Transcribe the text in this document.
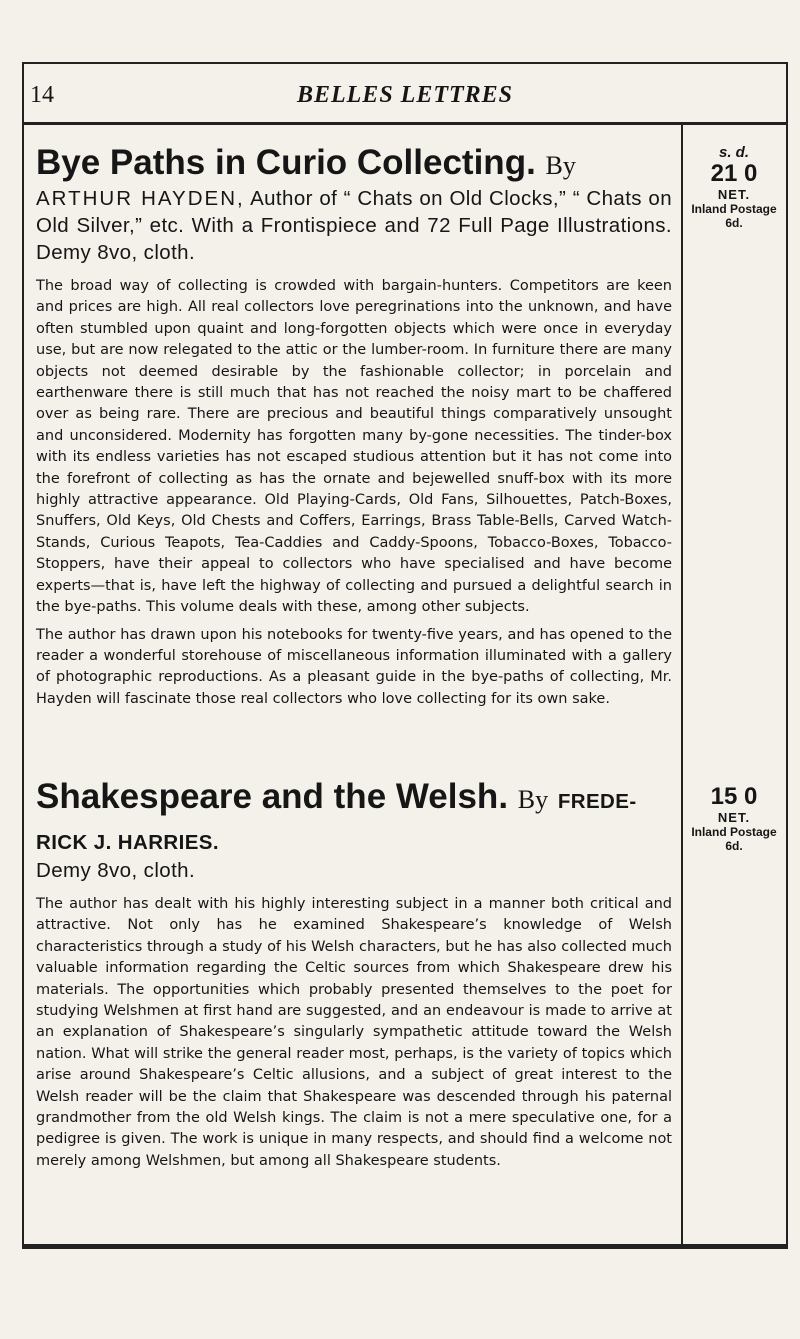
14	BELLES LETTRES
Bye Paths in Curio Collecting. By
ARTHUR HAYDEN, Author of “ Chats on Old Clocks,” “ Chats on Old Silver,” etc. With a Frontispiece and 72 Full Page Illustrations. Demy 8vo, cloth.

The broad way of collecting is crowded with bargain-hunters. Competitors are keen and prices are high. All real collectors love peregrinations into the unknown, and have often stumbled upon quaint and long-forgotten objects which were once in everyday use, but are now relegated to the attic or the lumber-room. In furniture there are many objects not deemed desirable by the fashionable collector; in porcelain and earthenware there is still much that has not reached the noisy mart to be chaffered over as being rare. There are precious and beautiful things comparatively unsought and unconsidered. Modernity has forgotten many by-gone necessities. The tinder-box with its endless varieties has not escaped studious attention but it has not come into the forefront of collecting as has the ornate and bejewelled snuff-box with its more highly attractive appearance. Old Playing-Cards, Old Fans, Silhouettes, Patch-Boxes, Snuffers, Old Keys, Old Chests and Coffers, Earrings, Brass Table-Bells, Carved Watch-Stands, Curious Teapots, Tea-Caddies and Caddy-Spoons, Tobacco-Boxes, Tobacco-Stoppers, have their appeal to collectors who have specialised and have become experts—that is, have left the highway of collecting and pursued a delightful search in the bye-paths. This volume deals with these, among other subjects.

The author has drawn upon his notebooks for twenty-five years, and has opened to the reader a wonderful storehouse of miscellaneous information illuminated with a gallery of photographic reproductions. As a pleasant guide in the bye-paths of collecting, Mr. Hayden will fascinate those real collectors who love collecting for its own sake.

s. d.
21 0
NET.
Inland Postage 6d.
Shakespeare and the Welsh. By FREDE-RICK J. HARRIES.
Demy 8vo, cloth.

The author has dealt with his highly interesting subject in a manner both critical and attractive. Not only has he examined Shakespeare’s knowledge of Welsh characteristics through a study of his Welsh characters, but he has also collected much valuable information regarding the Celtic sources from which Shakespeare drew his materials. The opportunities which probably presented themselves to the poet for studying Welshmen at first hand are suggested, and an endeavour is made to arrive at an explanation of Shakespeare’s singularly sympathetic attitude toward the Welsh nation. What will strike the general reader most, perhaps, is the variety of topics which arise around Shakespeare’s Celtic allusions, and a subject of great interest to the Welsh reader will be the claim that Shakespeare was descended through his paternal grandmother from the old Welsh kings. The claim is not a mere speculative one, for a pedigree is given. The work is unique in many respects, and should find a welcome not merely among Welshmen, but among all Shakespeare students.

15 0
NET.
Inland Postage 6d.
